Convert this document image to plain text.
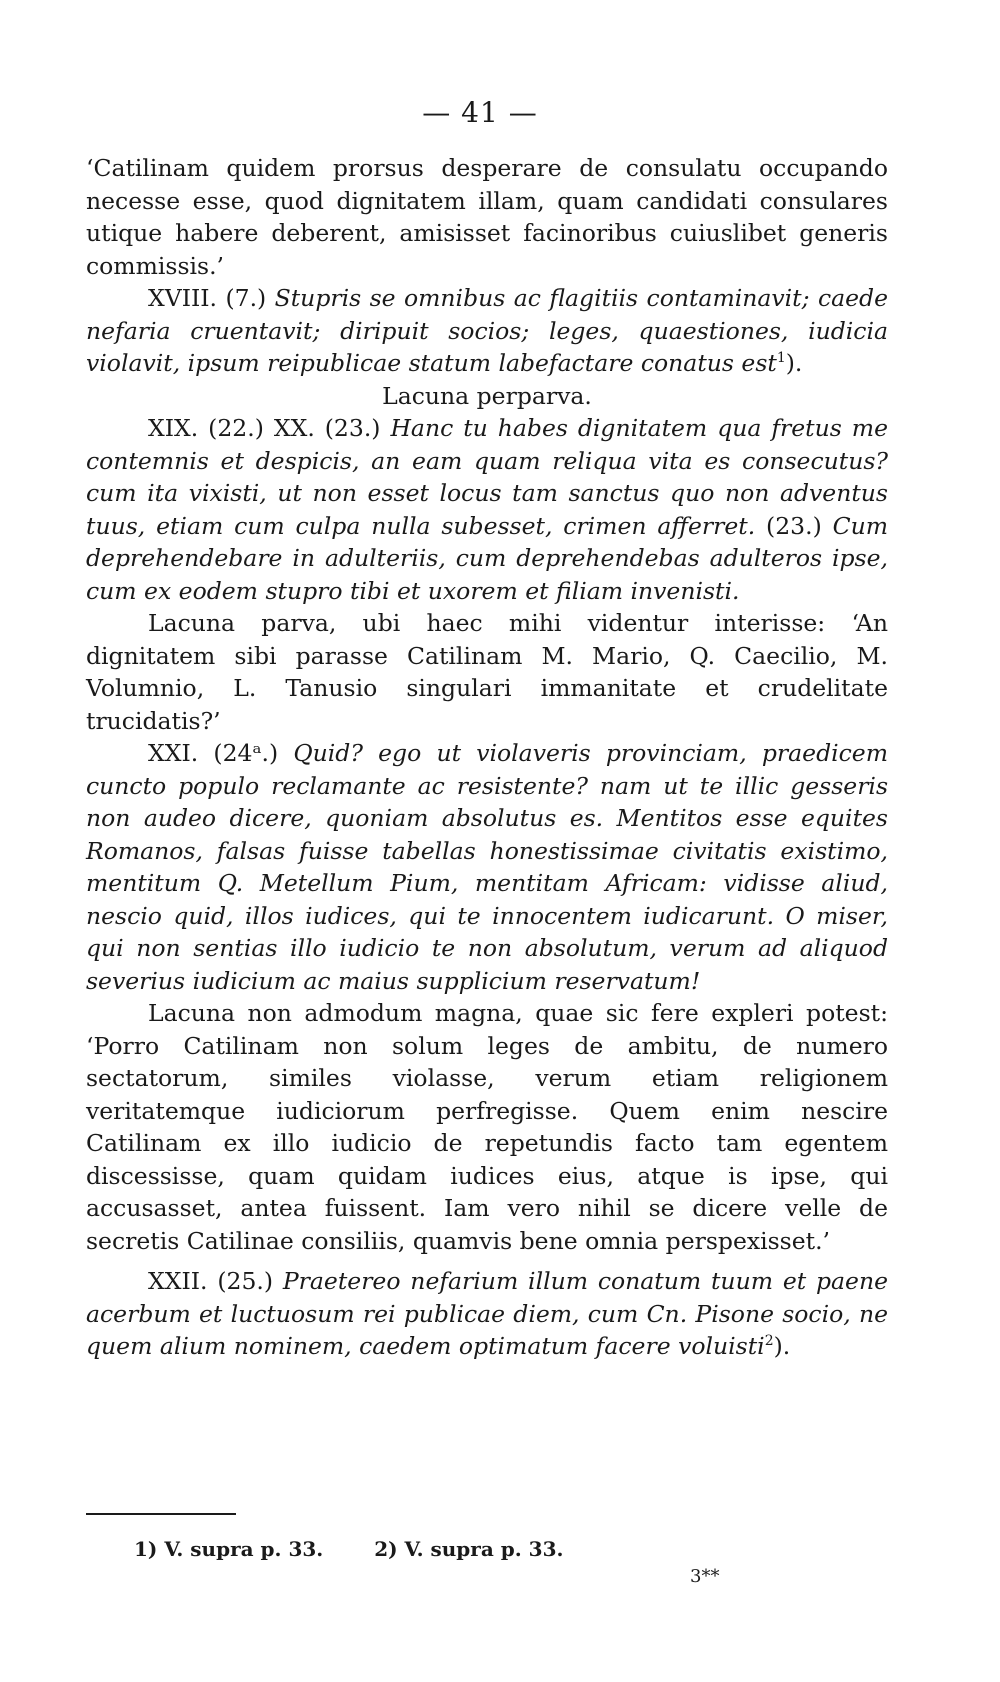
— 41 —

‘Catilinam quidem prorsus desperare de consulatu occupando necesse esse, quod dignitatem illam, quam candidati consulares utique habere deberent, amisisset facinoribus cuiuslibet generis commissis.’

XVIII. (7.) Stupris se omnibus ac flagitiis contaminavit; caede nefaria cruentavit; diripuit socios; leges, quaestiones, iudicia violavit, ipsum reipublicae statum labefactare conatus est$^1$).

Lacuna perparva.

XIX. (22.) XX. (23.) Hanc tu habes dignitatem qua fretus me contemnis et despicis, an eam quam reliqua vita es consecutus? cum ita vixisti, ut non esset locus tam sanctus quo non adventus tuus, etiam cum culpa nulla subesset, crimen afferret. (23.) Cum deprehendebare in adulteriis, cum deprehendebas adulteros ipse, cum ex eodem stupro tibi et uxorem et filiam invenisti.

Lacuna parva, ubi haec mihi videntur interisse: ‘An dignitatem sibi parasse Catilinam M. Mario, Q. Caecilio, M. Volumnio, L. Tanusio singulari immanitate et crudelitate trucidatis?’

XXI. (24ᵃ.) Quid? ego ut violaveris provinciam, praedicem cuncto populo reclamante ac resistente? nam ut te illic gesseris non audeo dicere, quoniam absolutus es. Mentitos esse equites Romanos, falsas fuisse tabellas honestissimae civitatis existimo, mentitum Q. Metellum Pium, mentitam Africam: vidisse aliud, nescio quid, illos iudices, qui te innocentem iudicarunt. O miser, qui non sentias illo iudicio te non absolutum, verum ad aliquod severius iudicium ac maius supplicium reservatum!

Lacuna non admodum magna, quae sic fere expleri potest: ‘Porro Catilinam non solum leges de ambitu, de numero sectatorum, similes violasse, verum etiam religionem veritatemque iudiciorum perfregisse. Quem enim nescire Catilinam ex illo iudicio de repetundis facto tam egentem discessisse, quam quidam iudices eius, atque is ipse, qui accusasset, antea fuissent. Iam vero nihil se dicere velle de secretis Catilinae consiliis, quamvis bene omnia perspexisset.’

XXII. (25.) Praetereo nefarium illum conatum tuum et paene acerbum et luctuosum rei publicae diem, cum Cn. Pisone socio, ne quem alium nominem, caedem optimatum facere voluisti$^2$).

1) V. supra p. 33.	2) V. supra p. 33.
3**
